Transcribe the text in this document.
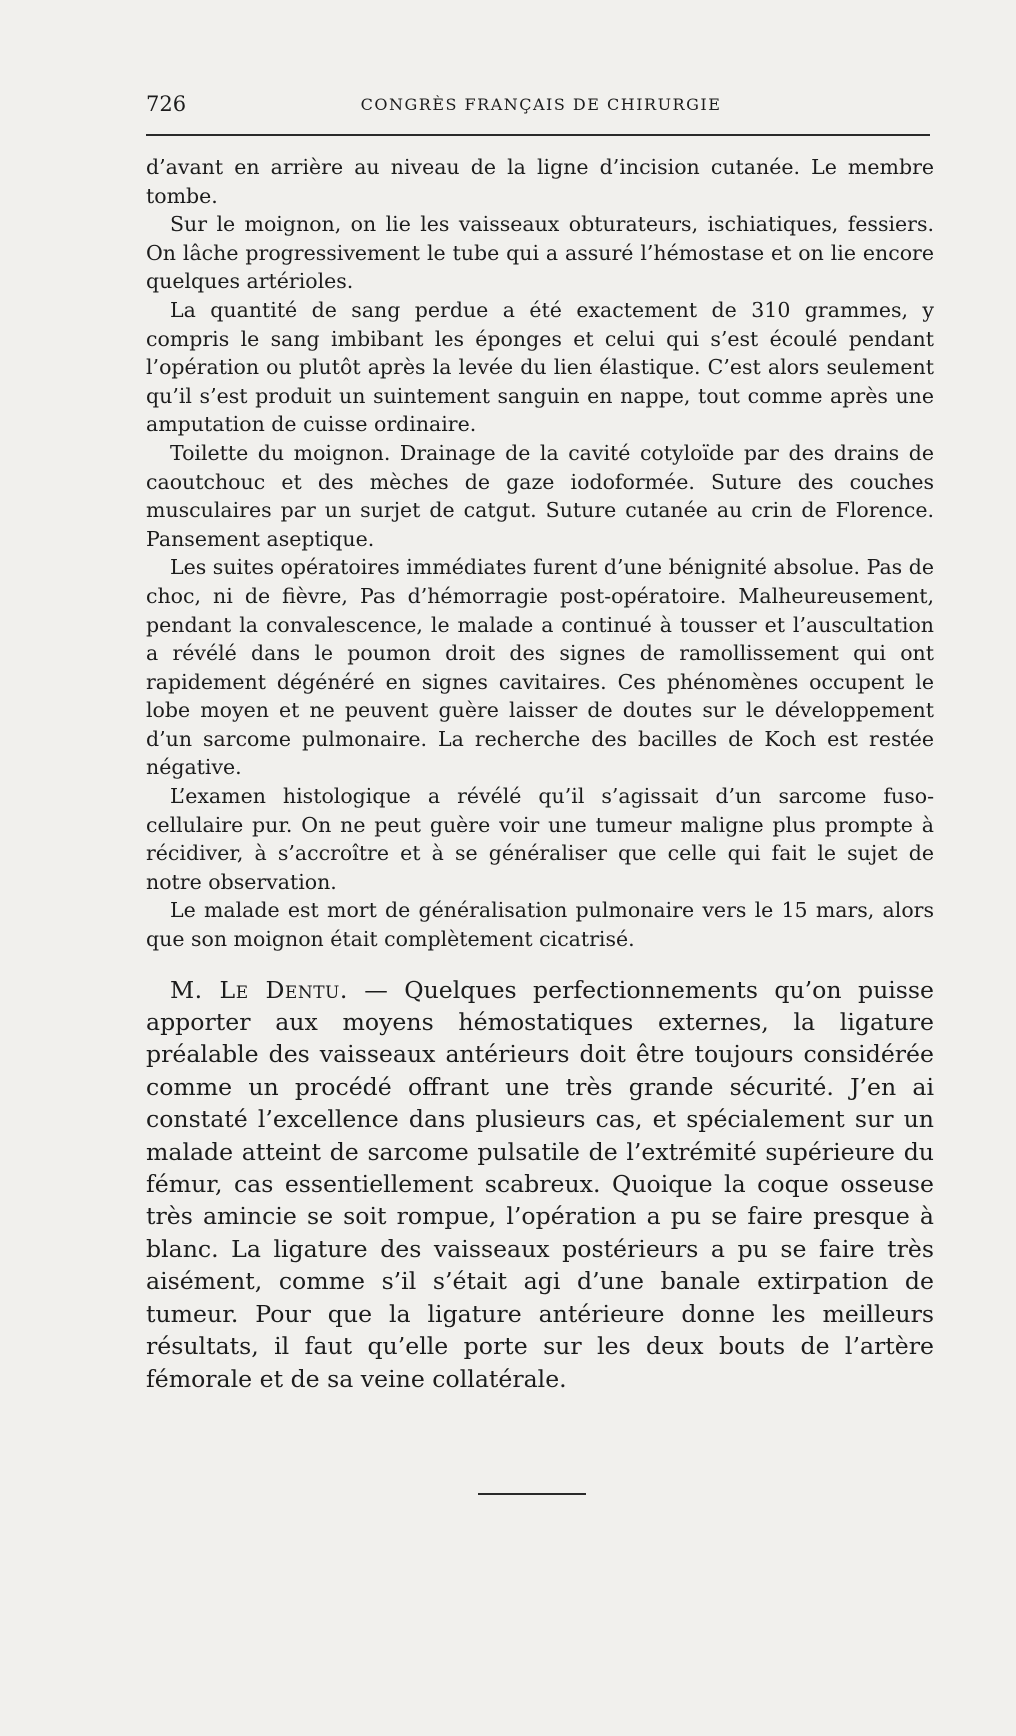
726	CONGRÈS FRANÇAIS DE CHIRURGIE

d’avant en arrière au niveau de la ligne d’incision cutanée. Le membre tombe.

Sur le moignon, on lie les vaisseaux obturateurs, ischiatiques, fessiers. On lâche progressivement le tube qui a assuré l’hémostase et on lie encore quelques artérioles.

La quantité de sang perdue a été exactement de 310 grammes, y compris le sang imbibant les éponges et celui qui s’est écoulé pendant l’opération ou plutôt après la levée du lien élastique. C’est alors seulement qu’il s’est produit un suintement sanguin en nappe, tout comme après une amputation de cuisse ordinaire.

Toilette du moignon. Drainage de la cavité cotyloïde par des drains de caoutchouc et des mèches de gaze iodoformée. Suture des couches musculaires par un surjet de catgut. Suture cutanée au crin de Florence. Pansement aseptique.

Les suites opératoires immédiates furent d’une bénignité absolue. Pas de choc, ni de fièvre, Pas d’hémorragie post-opératoire. Malheureusement, pendant la convalescence, le malade a continué à tousser et l’auscultation a révélé dans le poumon droit des signes de ramollissement qui ont rapidement dégénéré en signes cavitaires. Ces phénomènes occupent le lobe moyen et ne peuvent guère laisser de doutes sur le développement d’un sarcome pulmonaire. La recherche des bacilles de Koch est restée négative.

L’examen histologique a révélé qu’il s’agissait d’un sarcome fuso-cellulaire pur. On ne peut guère voir une tumeur maligne plus prompte à récidiver, à s’accroître et à se généraliser que celle qui fait le sujet de notre observation.

Le malade est mort de généralisation pulmonaire vers le 15 mars, alors que son moignon était complètement cicatrisé.

M. Le Dentu. — Quelques perfectionnements qu’on puisse apporter aux moyens hémostatiques externes, la ligature préalable des vaisseaux antérieurs doit être toujours considérée comme un procédé offrant une très grande sécurité. J’en ai constaté l’excellence dans plusieurs cas, et spécialement sur un malade atteint de sarcome pulsatile de l’extrémité supérieure du fémur, cas essentiellement scabreux. Quoique la coque osseuse très amincie se soit rompue, l’opération a pu se faire presque à blanc. La ligature des vaisseaux postérieurs a pu se faire très aisément, comme s’il s’était agi d’une banale extirpation de tumeur. Pour que la ligature antérieure donne les meilleurs résultats, il faut qu’elle porte sur les deux bouts de l’artère fémorale et de sa veine collatérale.
